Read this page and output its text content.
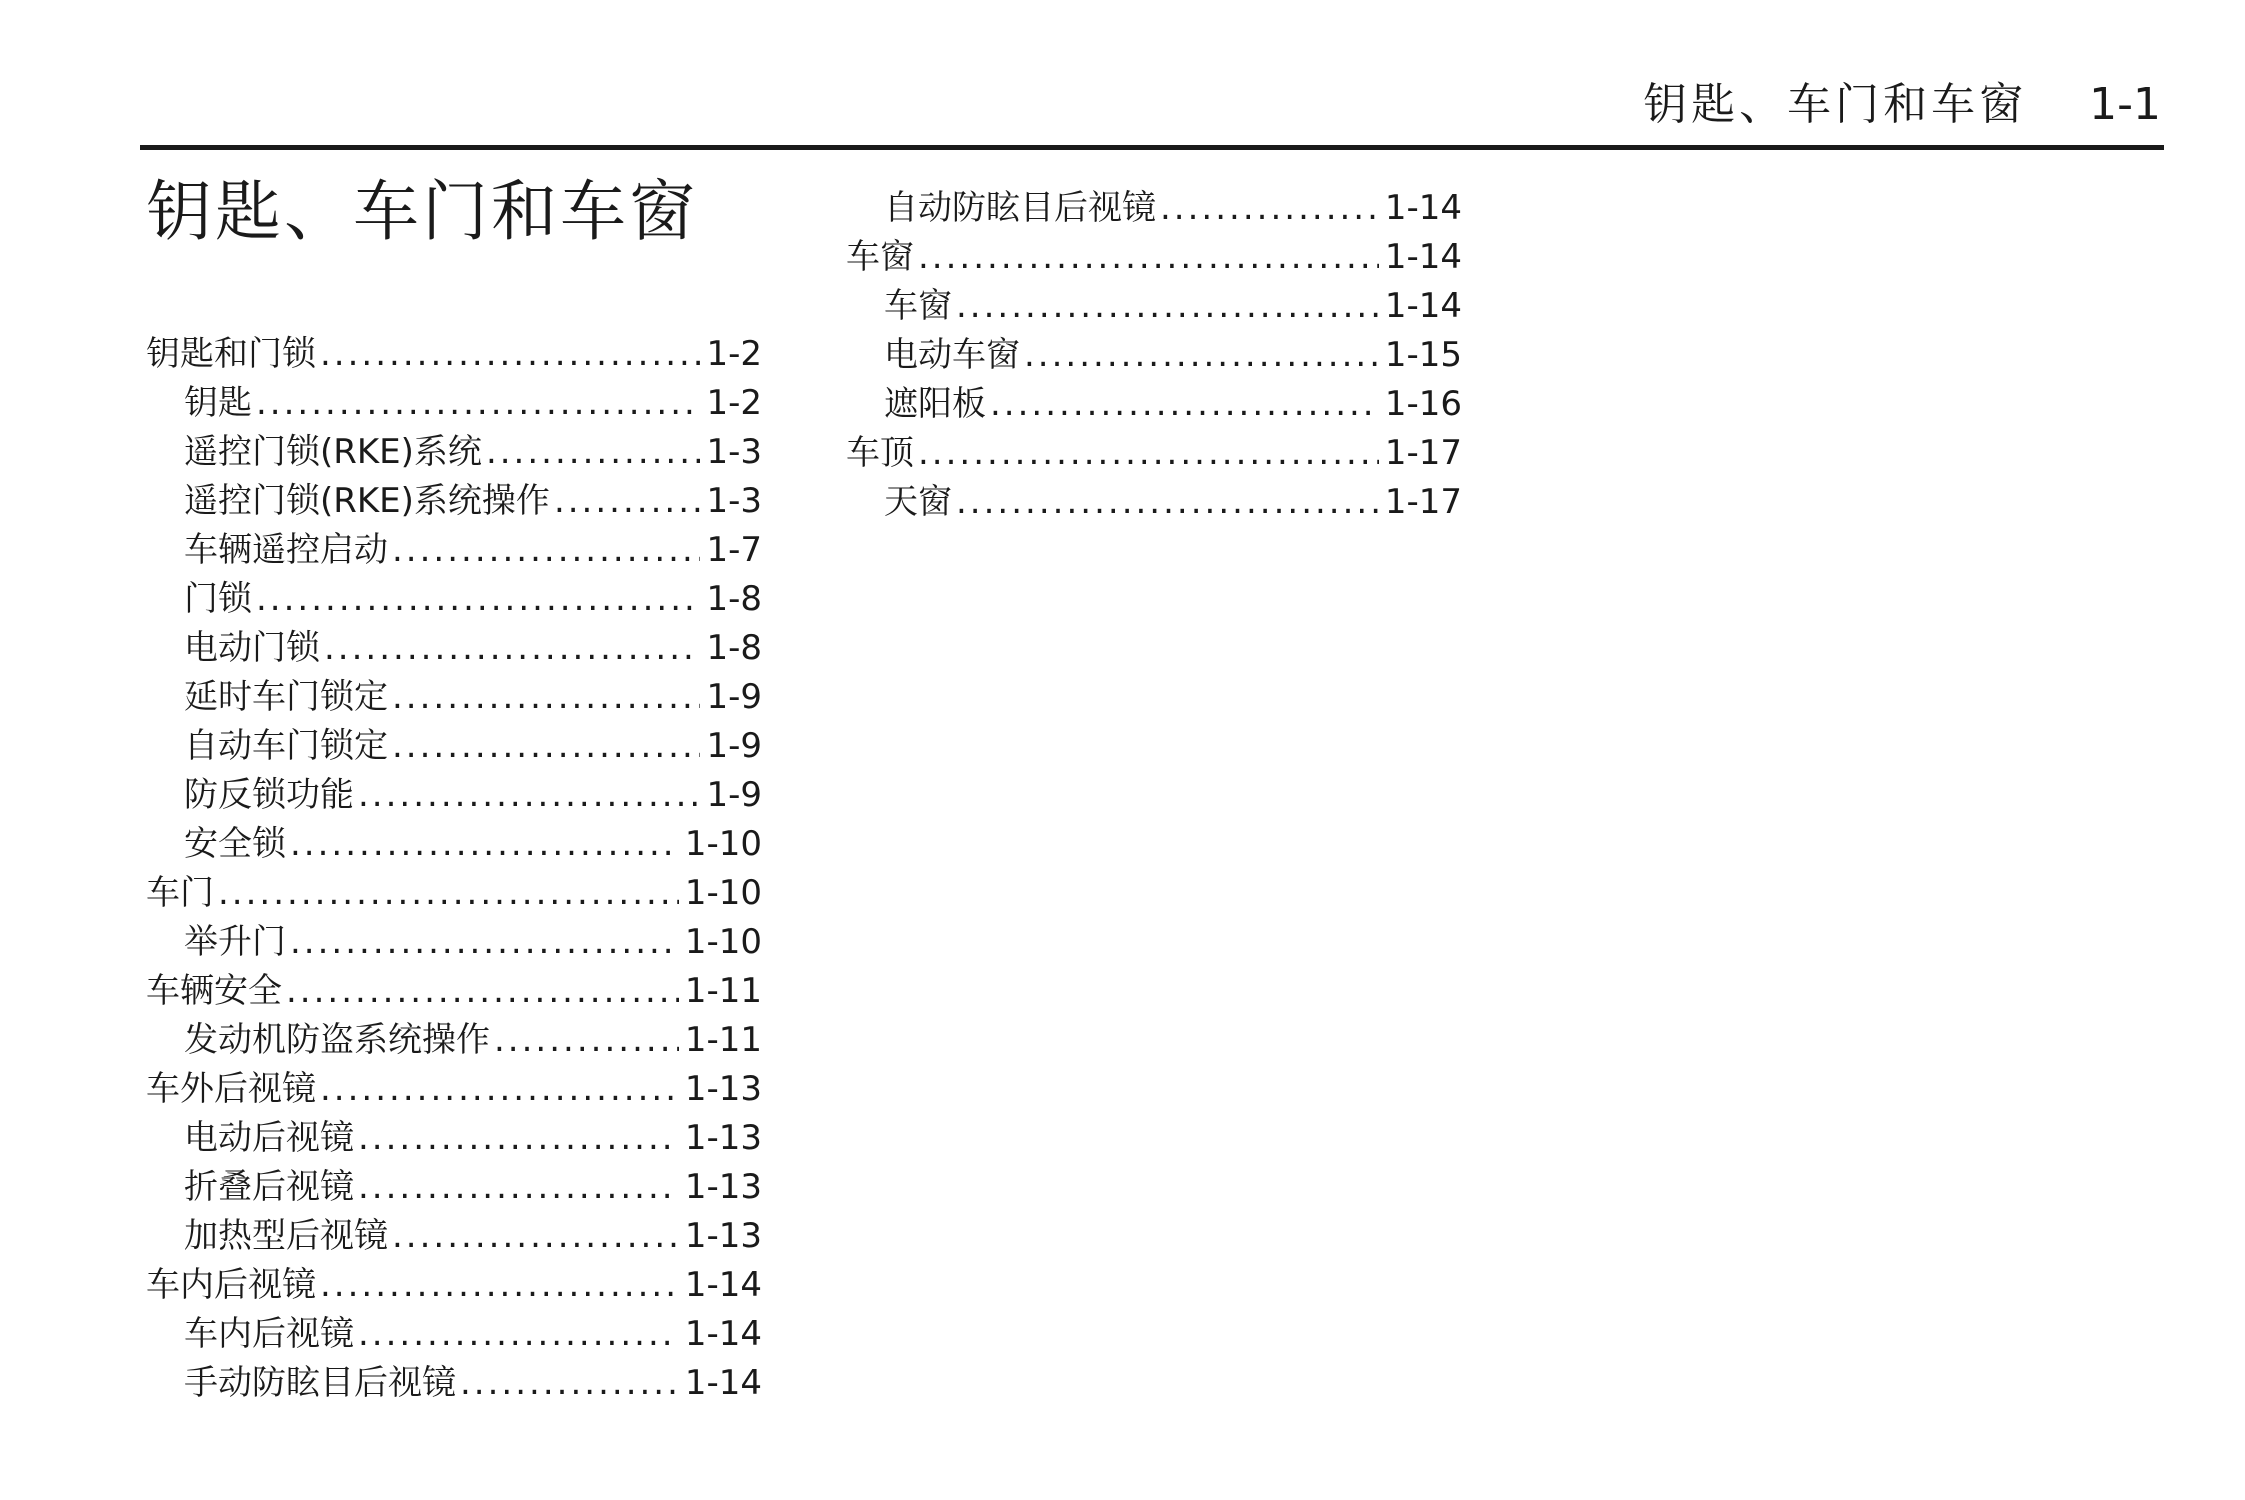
钥匙、车门和车窗 1-1
钥匙、车门和车窗
钥匙和门锁 .....	1-2
钥匙 .....	1-2
遥控门锁(RKE)系统 .....	1-3
遥控门锁(RKE)系统操作 .....	1-3
车辆遥控启动 .....	1-7
门锁 .....	1-8
电动门锁 .....	1-8
延时车门锁定 .....	1-9
自动车门锁定 .....	1-9
防反锁功能 .....	1-9
安全锁 .....	1-10
车门 .....	1-10
举升门 .....	1-10
车辆安全 .....	1-11
发动机防盗系统操作 .....	1-11
车外后视镜 .....	1-13
电动后视镜 .....	1-13
折叠后视镜 .....	1-13
加热型后视镜 .....	1-13
车内后视镜 .....	1-14
车内后视镜 .....	1-14
手动防眩目后视镜 .....	1-14
自动防眩目后视镜 .....	1-14
车窗 .....	1-14
车窗 .....	1-14
电动车窗 .....	1-15
遮阳板 .....	1-16
车顶 .....	1-17
天窗 .....	1-17
